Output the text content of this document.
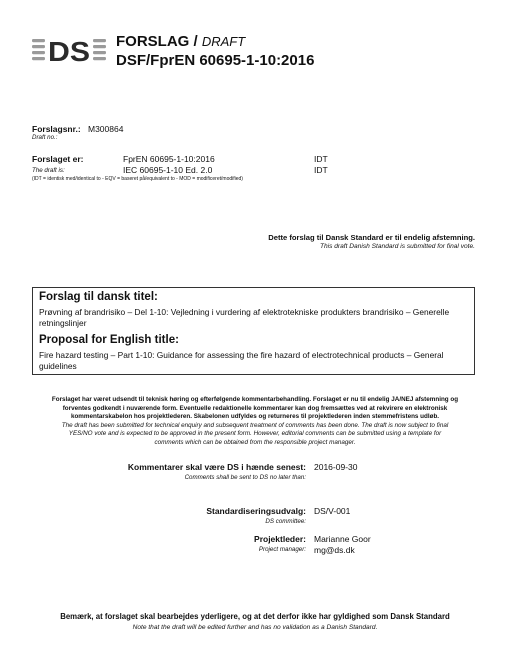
DS FORSLAG / DRAFT
DSF/FprEN 60695-1-10:2016
Forslagsnr.: M300864
Draft no.:
Forslaget er:	FprEN 60695-1-10:2016	IDT
The draft is:	IEC 60695-1-10 Ed. 2.0	IDT
(IDT = identisk med/identical to - EQV = baseret på/equivalent to - MOD = modificeret/modified)
Dette forslag til Dansk Standard er til endelig afstemning.
This draft Danish Standard is submitted for final vote.
Forslag til dansk titel:
Prøvning af brandrisiko – Del 1-10: Vejledning i vurdering af elektrotekniske produkters brandrisiko – Generelle
retningslinjer
Proposal for English title:
Fire hazard testing – Part 1-10: Guidance for assessing the fire hazard of electrotechnical products – General
guidelines
Forslaget har været udsendt til teknisk høring og efterfølgende kommentarbehandling. Forslaget er nu til endelig JA/NEJ afstemning og
forventes godkendt i nuværende form. Eventuelle redaktionelle kommentarer kan dog fremsættes ved at rekvirere en elektronisk
kommentarskabelon hos projektlederen. Skabelonen udfyldes og returneres til projektlederen inden stemmefristens udløb.
The draft has been submitted for technical enquiry and subsequent treatment of comments has been done. The draft is now subject to final
YES/NO vote and is expected to be approved in the present form. However, editorial comments can be submitted using a template for
comments which can be obtained from the responsible project manager.
Kommentarer skal være DS i hænde senest: 2016-09-30
Comments shall be sent to DS no later than:
Standardiseringsudvalg: DS/V-001
DS committee:
Projektleder: Marianne Goor
Project manager: mg@ds.dk
Bemærk, at forslaget skal bearbejdes yderligere, og at det derfor ikke har gyldighed som Dansk Standard
Note that the draft will be edited further and has no validation as a Danish Standard.
